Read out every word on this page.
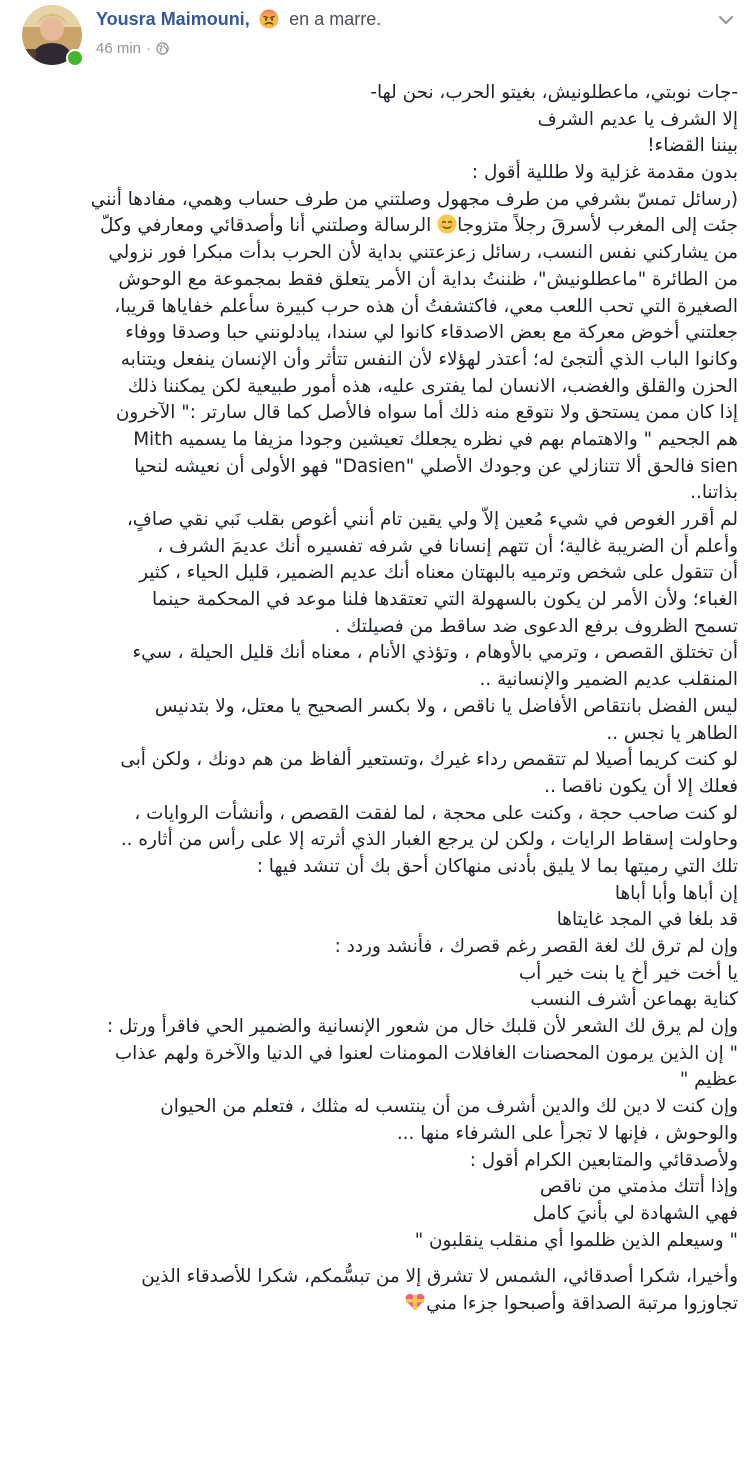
Yousra Maimouni, en a marre.
46 min ·
-جات نوبتي، ماعطلونيش، بغيتو الحرب، نحن لها-
إلا الشرف يا عديم الشرف
بيننا القضاء!
بدون مقدمة غزلية ولا طللية أقول :
(رسائل تمسّ بشرفي من طرف مجهول وصلتني من طرف حساب وهمي، مفادها أنني
جئت إلى المغرب لأسرقَ رجلاً متزوجا الرسالة وصلتني أنا وأصدقائي ومعارفي وكلّ
من يشاركني نفس النسب، رسائل زعزعتني بداية لأن الحرب بدأت مبكرا فور نزولي
من الطائرة "ماعطلونيش"، ظننتُ بداية أن الأمر يتعلق فقط بمجموعة مع الوحوش
الصغيرة التي تحب اللعب معي، فاكتشفتُ أن هذه حرب كبيرة سأعلم خفاياها قريبا،
جعلتني أخوض معركة مع بعض الاصدقاء كانوا لي سندا، يبادلونني حبا وصدقا ووفاء
وكانوا الباب الذي ألتجئ له؛ أعتذر لهؤلاء لأن النفس تتأثر وأن الإنسان ينفعل ويتنابه
الحزن والقلق والغضب، الانسان لما يفترى عليه، هذه أمور طبيعية لكن يمكننا ذلك
إذا كان ممن يستحق ولا نتوقع منه ذلك أما سواه فالأصل كما قال سارتر :" الآخرون
هم الجحيم " والاهتمام بهم في نظره يجعلك تعيشين وجودا مزيفا ما يسميه Mith
sien فالحق ألا تتنازلي عن وجودك الأصلي "Dasien" فهو الأولى أن نعيشه لنحيا
بذاتنا..
لم أقرر الغوص في شيء مُعين إلاّ ولي يقين تام أنني أغوص بقلب نَبي نقي صافٍ،
وأعلم أن الضريبة غالية؛ أن تتهم إنسانا في شرفه تفسيره أنك عديمَ الشرف ،
أن تتقول على شخص وترميه بالبهتان معناه أنك عديم الضمير، قليل الحياء ، كثير
الغباء؛ ولأن الأمر لن يكون بالسهولة التي تعتقدها فلنا موعد في المحكمة حينما
تسمح الظروف برفع الدعوى ضد ساقط من فصيلتك .
أن تختلق القصص ، وترمي بالأوهام ، وتؤذي الأنام ، معناه أنك قليل الحيلة ، سيء
المنقلب عديم الضمير والإنسانية ..
ليس الفضل بانتقاص الأفاضل يا ناقص ، ولا بكسر الصحيح يا معتل، ولا بتدنيس
الطاهر يا نجس ..
لو كنت كريما أصيلا لم تتقمص رداء غيرك ،وتستعير ألفاظ من هم دونك ، ولكن أبى
فعلك إلا أن يكون ناقصا ..
لو كنت صاحب حجة ، وكنت على محجة ، لما لفقت القصص ، وأنشأت الروايات ،
وحاولت إسقاط الرايات ، ولكن لن يرجع الغبار الذي أثرته إلا على رأس من أثاره ..
تلك التي رميتها بما لا يليق بأدنى منهاكان أحق بك أن تنشد فيها :
إن أباها وأبا أباها
قد بلغا في المجد غايتاها
وإن لم ترق لك لغة القصر رغم قصرك ، فأنشد وردد :
يا أخت خير أخ يا بنت خير أب
كناية بهماعن أشرف النسب
وإن لم يرق لك الشعر لأن قلبك خال من شعور الإنسانية والضمير الحي فاقرأ ورتل :
" إن الذين يرمون المحصنات الغافلات المومنات لعنوا في الدنيا والآخرة ولهم عذاب
عظيم "
وإن كنت لا دين لك والدين أشرف من أن ينتسب له مثلك ، فتعلم من الحيوان
والوحوش ، فإنها لا تجرأ على الشرفاء منها ...
ولأصدقائي والمتابعين الكرام أقول :
وإذا أتتك مذمتي من ناقص
فهي الشهادة لي بأنيَ كامل
" وسيعلم الذين ظلموا أي منقلب ينقلبون "
وأخيرا، شكرا أصدقائي، الشمس لا تشرق إلا من تبسُّمكم، شكرا للأصدقاء الذين
تجاوزوا مرتبة الصداقة وأصبحوا جزءا مني
